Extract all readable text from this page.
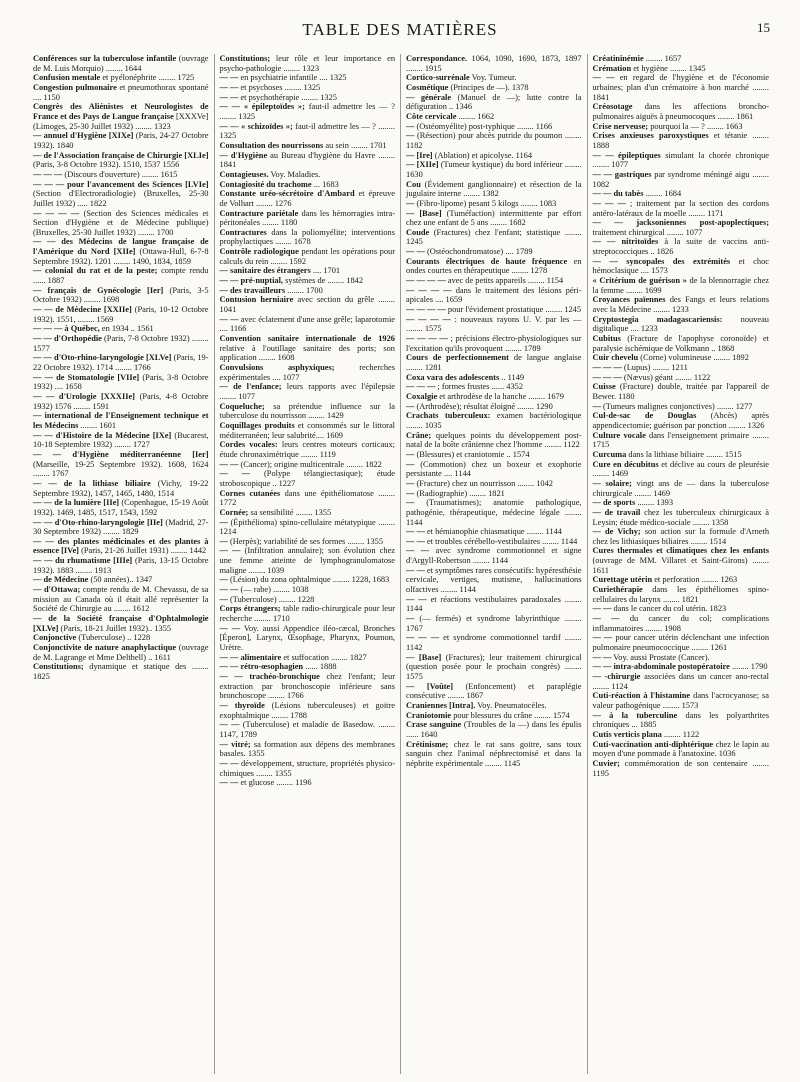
TABLE DES MATIÈRES	15

Conférences sur la tuberculose infantile (ouvrage de M. Luis Morquio) ........ 1644

Confusion mentale et pyélonéphrite ........ 1725

Congestion pulmonaire et pneumothorax spontané .... 1150

Congrès des Aliénistes et Neurologistes de France et des Pays de Langue française [XXXVe] (Limoges, 25-30 Juillet 1932) ........ 1323

— annuel d'Hygiène [XIXe] (Paris, 24-27 Octobre 1932). 1840

— de l'Association française de Chirurgie [XLIe] (Paris, 3-8 Octobre 1932). 1510, 1537 1556

— — — (Discours d'ouverture) ........ 1615

— — — pour l'avancement des Sciences [LVIe] (Section d'Electroradiologie) (Bruxelles, 25-30 Juillet 1932) ..... 1822

— — — — (Section des Sciences médicales et Section d'Hygiène et de Médecine publique) (Bruxelles, 25-30 Juillet 1932) ........ 1700

— — des Médecins de langue française de l'Amérique du Nord [XIIe] (Ottawa-Hull, 6-7-8 Septembre 1932). 1201 ........ 1490, 1834, 1859

— colonial du rat et de la peste; compte rendu ...... 1887

— français de Gynécologie [Ier] (Paris, 3-5 Octobre 1932) ........ 1698

— — de Médecine [XXIIe] (Paris, 10-12 Octobre 1932). 1551, ........ 1569

— — — à Québec, en 1934 .. 1561

— — d'Orthopédie (Paris, 7-8 Octobre 1932) ........ 1577

— — d'Oto-rhino-laryngologie [XLVe] (Paris, 19-22 Octobre 1932). 1714 ........ 1766

— — de Stomatologie [VIIe] (Paris, 3-8 Octobre 1932) .... 1658

— — d'Urologie [XXXIIe] (Paris, 4-8 Octobre 1932) 1576 ........ 1591

— international de l'Enseignement technique et les Médecins ........ 1601

— — d'Histoire de la Médecine [IXe] (Bucarest, 10-18 Septembre 1932) ........ 1727

— — d'Hygiène méditerranéenne [Ier] (Marseille, 19-25 Septembre 1932). 1608, 1624 ........ 1767

— — de la lithiase biliaire (Vichy, 19-22 Septembre 1932), 1457, 1465, 1480, 1514

— — de la lumière [IIe] (Copenhague, 15-19 Août 1932). 1469, 1485, 1517, 1543, 1592

— — d'Oto-rhino-laryngologie [IIe] (Madrid, 27-30 Septembre 1932) ........ 1829

— — des plantes médicinales et des plantes à essence [IVe] (Paris, 21-26 Juillet 1931) ........ 1442

— — du rhumatisme [IIIe] (Paris, 13-15 Octobre 1932). 1883 ........ 1913

— de Médecine (50 années).. 1347

— d'Ottawa; compte rendu de M. Chevassu, de sa mission au Canada où il était allé représenter la Société de Chirurgie au ........ 1612

— de la Société française d'Ophtalmologie [XLVe] (Paris, 18-21 Juillet 1932).. 1355

Conjonctive (Tuberculose) .. 1228

Conjonctivite de nature anaphylactique (ouvrage de M. Lagrange et Mme Delthell) .. 1611

Constitutions; dynamique et statique des ........ 1825

Constitutions; leur rôle et leur importance en psycho-pathologie ........ 1323

— — en psychiatrie infantile .... 1325

— — et psychoses ........ 1325

— — et psychothérapie ........ 1325

— — « épileptoïdes »; faut-il admettre les — ? ........ 1325

— — « schizoïdes »; faut-il admettre les — ? ........ 1325

Consultation des nourrissons au sein ........ 1701

— d'Hygiène au Bureau d'hygiène du Havre ........ 1841

Contagieuses. Voy. Maladies.

Contagiosité du trachome ... 1683

Constante uréo-sécrétoire d'Ambard et épreuve de Volhart ........ 1276

Contracture pariétale dans les hémorragies intra-péritonéales ........ 1180

Contractures dans la poliomyélite; interventions prophylactiques ........ 1678

Contrôle radiologique pendant les opérations pour calculs du rein ........ 1592

— sanitaire des étrangers .... 1701

— — pré-nuptial, systèmes de ........ 1842

— des travailleurs ........ 1700

Contusion herniaire avec section du grêle ........ 1041

— — avec éclatement d'une anse grêle; laparotomie .... 1166

Convention sanitaire internationale de 1926 relative à l'outillage sanitaire des ports; son application ........ 1608

Convulsions asphyxiques;	recherches expérimentales .... 1077

— de l'enfance; leurs rapports avec l'épilepsie ........ 1077

Coqueluche; sa prétendue influence sur la tuberculose du nourrisson ........ 1429

Coquillages produits et consommés sur le littoral méditerranéen; leur salubrité.... 1609

Cordes vocales: leurs centres moteurs corticaux; étude chronaximétrique ........ 1119

— — (Cancer); origine multicentrale ........ 1822

— — (Polype télangiectasique); étude stroboscopique .. 1227

Cornes cutanées dans une épithéliomatose ........ 1772

Cornée; sa sensibilité ........ 1355

— (Épithélioma) spino-cellulaire métatypique ........ 1214

— (Herpès); variabilité de ses formes ........ 1355

— — (Infiltration annulaire); son évolution chez une femme atteinte de lymphogranulomatose maligne ........ 1039

— (Lésion) du zona ophtalmique ........ 1228, 1683

— — (— rabe) ........ 1038

— (Tuberculose) ........ 1228

Corps étrangers; table radio-chirurgicale pour leur recherche ........ 1710

— — Voy. aussi Appendice iléo-cæcal, Bronches [Éperon], Larynx, Œsophage, Pharynx, Poumon, Urètre.

— — alimentaire et suffocation ........ 1827

— — rétro-œsophagien ...... 1888

— — trachéo-bronchique chez l'enfant; leur extraction par bronchoscopie inférieure sans bronchoscope ........ 1766

— thyroïde (Lésions tuberculeuses) et goitre exophtalmique ........ 1788

— — (Tuberculose) et maladie de Basedow. ........ 1147, 1789

— vitré; sa formation aux dépens des membranes basales. 1355

— — développement, structure, propriétés physico-chimiques ........ 1355

— — et glucose ........ 1196

Correspondance. 1064, 1090, 1690, 1873, 1897 ........ 1915

Cortico-surrénale Voy. Tumeur.

Cosmétique (Principes de —). 1378

— générale (Manuel de —); lutte contre la défiguration .. 1346

Côte cervicale ........ 1662

— (Ostéomyélite) post-typhique ........ 1166

— (Résection) pour abcès putride du poumon ........ 1182

— [Ire] (Ablation) et apicolyse. 1164

— [XIIe] (Tumeur kystique) du bord inférieur ........ 1630

Cou (Évidement ganglionnaire) et résection de la jugulaire interne ........ 1382

— (Fibro-lipome) pesant 5 kilogs ........ 1083

— [Base] (Tuméfaction) intermittente par effort chez une enfant de 5 ans ........ 1682

Coude (Fractures) chez l'enfant; statistique ........ 1245

— — (Ostéochondromatose) .... 1789

Courants électriques de haute fréquence en ondes courtes en thérapeutique ........ 1278

— — — — avec de petits appareils ........ 1154

— — — — dans le traitement des lésions péri-apicales .... 1659

— — — — pour l'évidement prostatique ........ 1245

— — — — : nouveaux rayons U. V. par les — ........ 1575

— — — — ; précisions électro-physiologiques sur l'excitation qu'ils provoquent ........ 1789

Cours de perfectionnement de langue anglaise ........ 1281

Coxa vara des adolescents .. 1149

— — — ; formes frustes ...... 4352

Coxalgie et arthrodèse de la hanche ........ 1679

— (Arthrodèse); résultat éloigné ........ 1290

Crachats tuberculeux: examen bactériologique ........ 1035

Crâne; quelques points du développement post-natal de la boîte crânienne chez l'homme ........ 1122

— (Blessures) et craniotomie .. 1574

— (Commotion) chez un boxeur et exophorie persistante .... 1144

— (Fracture) chez un nourrisson ........ 1042

— (Radiographie) ........ 1821

— (Traumatismes); anatomie pathologique, pathogénie, thérapeutique, médecine légale ........ 1144

— — et hémianophie chiasmatique ........ 1144

— — et troubles cérébello-vestibulaires ........ 1144

— — avec syndrome commotionnel et signe d'Argyll-Robertson ........ 1144

— — et symptômes rares consécutifs: hypéresthésie cervicale, vertiges, mutisme, hallucinations olfactives ........ 1144

— — et réactions vestibulaires paradoxales ........ 1144

— (— fermés) et syndrome labyrinthique ........ 1767

— — — et syndrome commotionnel tardif ........ 1142

— [Base] (Fractures); leur traitement chirurgical (question posée pour le prochain congrès) ........ 1575

— [Voûte] (Enfoncement) et paraplégie consécutive ........ 1867

Craniennes [Intra]. Voy. Pneumatocèles.

Craniotomie pour blessures du crâne ........ 1574

Crase sanguine (Troubles de la —) dans les épulis ...... 1640

Crétinisme; chez le rat sans goitre, sans toux sanguin chez l'animal néphrectomisé et dans la néphrite expérimentale ........ 1145

Créatininémie ........ 1657

Crémation et hygiène ........ 1345

— — en regard de l'hygiène et de l'économie urbaines; plan d'un crématoire à bon marché ........ 1841

Créosotage dans les affections broncho-pulmonaires aiguës à pneumocoques ........ 1861

Crise nerveuse; pourquoi la — ? ........ 1663

Crises anxieuses paroxystiques et tétanie ........ 1888

— — épileptiques simulant la chorée chronique ........ 1077

— — gastriques par syndrome méningé aigu ........ 1082

— — du tabès ........ 1684

— — — ; traitement par la section des cordons antéro-latéraux de la moelle ........ 1171

— — jacksoniennes post-apoplectiques; traitement chirurgical ........ 1077

— — nitritoïdes à la suite de vaccins anti-streptococciques .. 1826

— — syncopales des extrémités et choc hémoclasique .... 1573

« Critérium de guérison » de la blennorragie chez la femme ........ 1699

Croyances païennes des Fangs et leurs relations avec la Médecine ........ 1233

Cryptostegia madagascariensis: nouveau digitalique .... 1233

Cubitus (Fracture de l'apophyse coronoïde) et paralysie ischémique de Volkmann .. 1868

Cuir chevelu (Corne) volumineuse ........ 1892

— — — (Lupus) ........ 1211

— — — (Nævus) géant ........ 1122

Cuisse (Fracture) double, traitée par l'appareil de Bewer. 1180

— (Tumeurs malignes conjonctives) ........ 1277

Cul-de-sac de Douglas (Abcès) après appendicectomie; guérison par ponction ........ 1326

Culture vocale dans l'enseignement primaire ........ 1715

Curcuma dans la lithiase biliaire ........ 1515

Cure en décubitus et déclive au cours de pleurésie ........ 1469

— solaire; vingt ans de — dans la tuberculose chirurgicale ........ 1469

— de sports ........ 1393

— de travail chez les tuberculeux chirurgicaux à Leysin; étude médico-sociale ........ 1358

— de Vichy; son action sur la formule d'Arneth chez les lithiasiques biliaires ........ 1514

Cures thermales et climatiques chez les enfants (ouvrage de MM. Villaret et Saint-Girons) ........ 1611

Curettage utérin et perforation ........ 1263

Curiethérapie dans les épithéliomes spino-cellulaires du larynx ........ 1821

— — dans le cancer du col utérin. 1823

— — du cancer du col; complications inflammatoires ........ 1908

— — pour cancer utérin déclenchant une infection pulmonaire pneumococcique ........ 1261

— — Voy. aussi Prostate (Cancer).

— — intra-abdominale postopératoire ........ 1790

— -chirurgie associées dans un cancer ano-rectal ........ 1124

Cuti-réaction à l'histamine dans l'acrocyanose; sa valeur pathogénique ........ 1573

— à la tuberculine dans les polyarthrites chroniques ... 1885

Cutis verticis plana ........ 1122

Cuti-vaccination anti-diphtérique chez le lapin au moyen d'une pommade à l'anatoxine. 1036

Cuvier; commémoration de son centenaire ........ 1195
